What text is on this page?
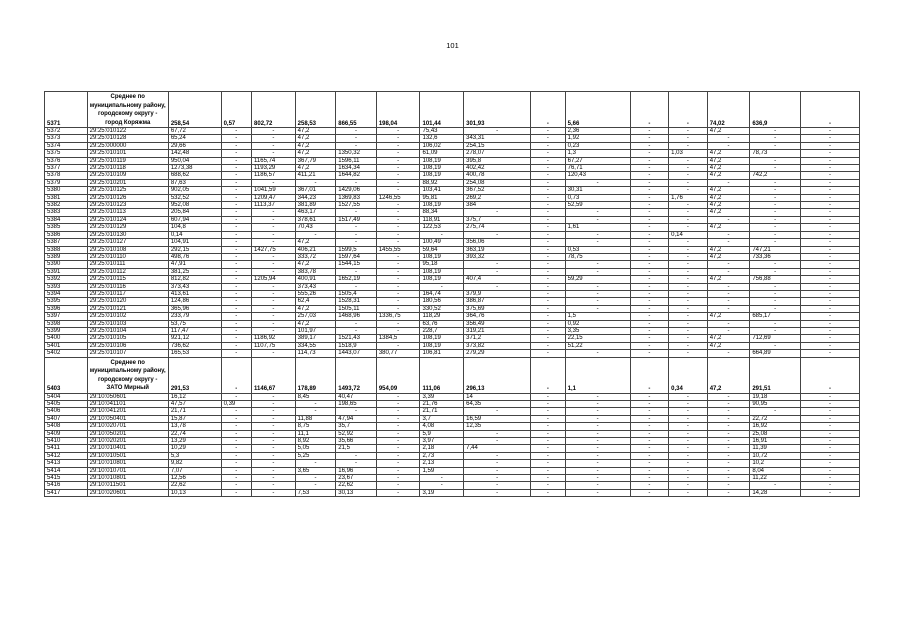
101
5371	Среднее по муниципальному району, городскому округу - город Коряжма	258,54	0,57	802,72	258,53	866,55	198,04	101,44	301,93	-	5,66	-	-	74,02	636,9	-
5372	29:25:010122	67,72	-	-	47,2	-	-	75,43	-	-	2,36	-	-	47,2	-	-
5373	29:25:010128	65,24	-	-	47,2	-	-	132,6	343,31	-	1,92	-	-	-	-	-
5374	29:25:000000	29,66	-	-	47,2	-	-	106,02	254,15	-	0,23	-	-	-	-	-
5375	29:25:010101	142,48	-	-	47,2	1350,32	-	61,09	278,07	-	1,3	-	1,03	47,2	78,73	-
5376	29:25:010119	950,04	-	1165,74	367,79	1596,11	-	108,19	395,8	-	67,27	-	-	47,2	-	-
5377	29:25:010118	1273,38	-	1193,29	47,2	1634,34	-	108,19	402,42	-	76,71	-	-	47,2	-	-
5378	29:25:010109	688,62	-	1186,57	411,21	1644,82	-	108,19	400,78	-	120,43	-	-	47,2	742,2	-
5379	29:25:010201	87,63	-	-	-	-	-	88,92	254,08	-	-	-	-	-	-	-
5380	29:25:010125	902,05	-	1041,59	367,01	1429,06	-	103,41	367,52	-	30,31	-	-	47,2	-	-
5381	29:25:010126	532,52	-	1209,47	344,23	1369,83	1246,55	95,81	269,2	-	0,73	-	1,76	47,2	-	-
5382	29:25:010123	952,08	-	1113,37	381,89	1527,55	-	108,19	384	-	52,59	-	-	47,2	-	-
5383	29:25:010113	205,84	-	-	463,17	-	-	88,34	-	-	-	-	-	47,2	-	-
5384	29:25:010124	607,94	-	-	378,61	1517,49	-	118,91	375,7	-	-	-	-	-	-	-
5385	29:25:010129	104,8	-	-	70,43	-	-	122,53	275,74	-	1,61	-	-	47,2	-	-
5386	29:25:010130	0,14	-	-	-	-	-	-	-	-	-	-	0,14	-	-	-
5387	29:25:010127	104,91	-	-	47,2	-	-	100,49	356,06	-	-	-	-	-	-	-
5388	29:25:010108	292,15	-	1427,75	406,21	1599,5	1455,55	59,64	363,19	-	0,53	-	-	47,2	747,21	-
5389	29:25:010110	498,76	-	-	333,72	1597,64	-	108,19	393,32	-	78,75	-	-	47,2	733,36	-
5390	29:25:010111	47,91	-	-	47,2	1544,15	-	95,18	-	-	-	-	-	-	-	-
5391	29:25:010112	381,25	-	-	383,78	-	-	108,19	-	-	-	-	-	-	-	-
5392	29:25:010115	812,82	-	1205,94	400,91	1652,19	-	108,19	407,4	-	59,29	-	-	47,2	756,88	-
5393	29:25:010116	373,43	-	-	373,43	-	-	-	-	-	-	-	-	-	-	-
5394	29:25:010117	413,61	-	-	555,26	1505,4	-	164,74	379,9	-	-	-	-	-	-	-
5395	29:25:010120	124,86	-	-	62,4	1528,31	-	180,56	386,87	-	-	-	-	-	-	-
5396	29:25:010121	365,96	-	-	47,2	1505,11	-	330,52	375,69	-	-	-	-	-	-	-
5397	29:25:010102	233,79	-	-	257,03	1468,96	1336,75	118,29	364,76	-	1,5	-	-	47,2	685,17	-
5398	29:25:010103	53,75	-	-	47,2	-	-	63,76	356,49	-	0,92	-	-	-	-	-
5399	29:25:010104	117,47	-	-	101,97	-	-	228,7	319,21	-	3,35	-	-	-	-	-
5400	29:25:010105	921,12	-	1186,92	389,17	1521,43	1384,5	108,19	371,2	-	22,15	-	-	47,2	712,69	-
5401	29:25:010106	736,62	-	1107,75	334,55	1518,9	-	108,19	373,82	-	51,22	-	-	47,2	-	-
5402	29:25:010107	165,53	-	-	114,73	1443,07	380,77	106,81	279,29	-	-	-	-	-	664,89	-
5403	Среднее по муниципальному району, городскому округу - ЗАТО Мирный	291,53	-	1146,67	178,89	1493,72	954,09	111,06	296,13	-	1,1	-	0,34	47,2	291,51	-
5404	29:10:050601	16,12	-	-	8,45	40,47	-	3,39	14	-	-	-	-	-	19,18	-
5405	29:10:041101	47,57	0,39	-	-	198,65	-	21,76	64,35	-	-	-	-	-	90,95	-
5406	29:10:041201	21,71	-	-	-	-	-	21,71	-	-	-	-	-	-	-	-
5407	29:10:050401	15,87	-	-	11,88	47,94	-	3,7	16,59	-	-	-	-	-	22,72	-
5408	29:10:020701	13,78	-	-	8,75	35,7	-	4,08	12,35	-	-	-	-	-	16,92	-
5409	29:10:050201	22,74	-	-	11,1	52,92	-	5,9	-	-	-	-	-	-	25,08	-
5410	29:10:020201	13,29	-	-	8,92	35,66	-	3,97	-	-	-	-	-	-	16,91	-
5411	29:10:010401	10,29	-	-	5,05	21,5	-	2,18	7,44	-	-	-	-	-	11,39	-
5412	29:10:010501	5,3	-	-	5,25	-	-	2,73	-	-	-	-	-	-	10,72	-
5413	29:10:010801	9,82	-	-	-	-	-	2,13	-	-	-	-	-	-	10,2	-
5414	29:10:010701	7,07	-	-	3,65	16,96	-	1,59	-	-	-	-	-	-	8,04	-
5415	29:10:010801	12,56	-	-	-	23,67	-	-	-	-	-	-	-	-	11,22	-
5416	29:10:011501	22,62	-	-	-	22,62	-	-	-	-	-	-	-	-	-	-
5417	29:10:020601	10,13	-	-	7,53	30,13	-	3,19	-	-	-	-	-	-	14,28	-
